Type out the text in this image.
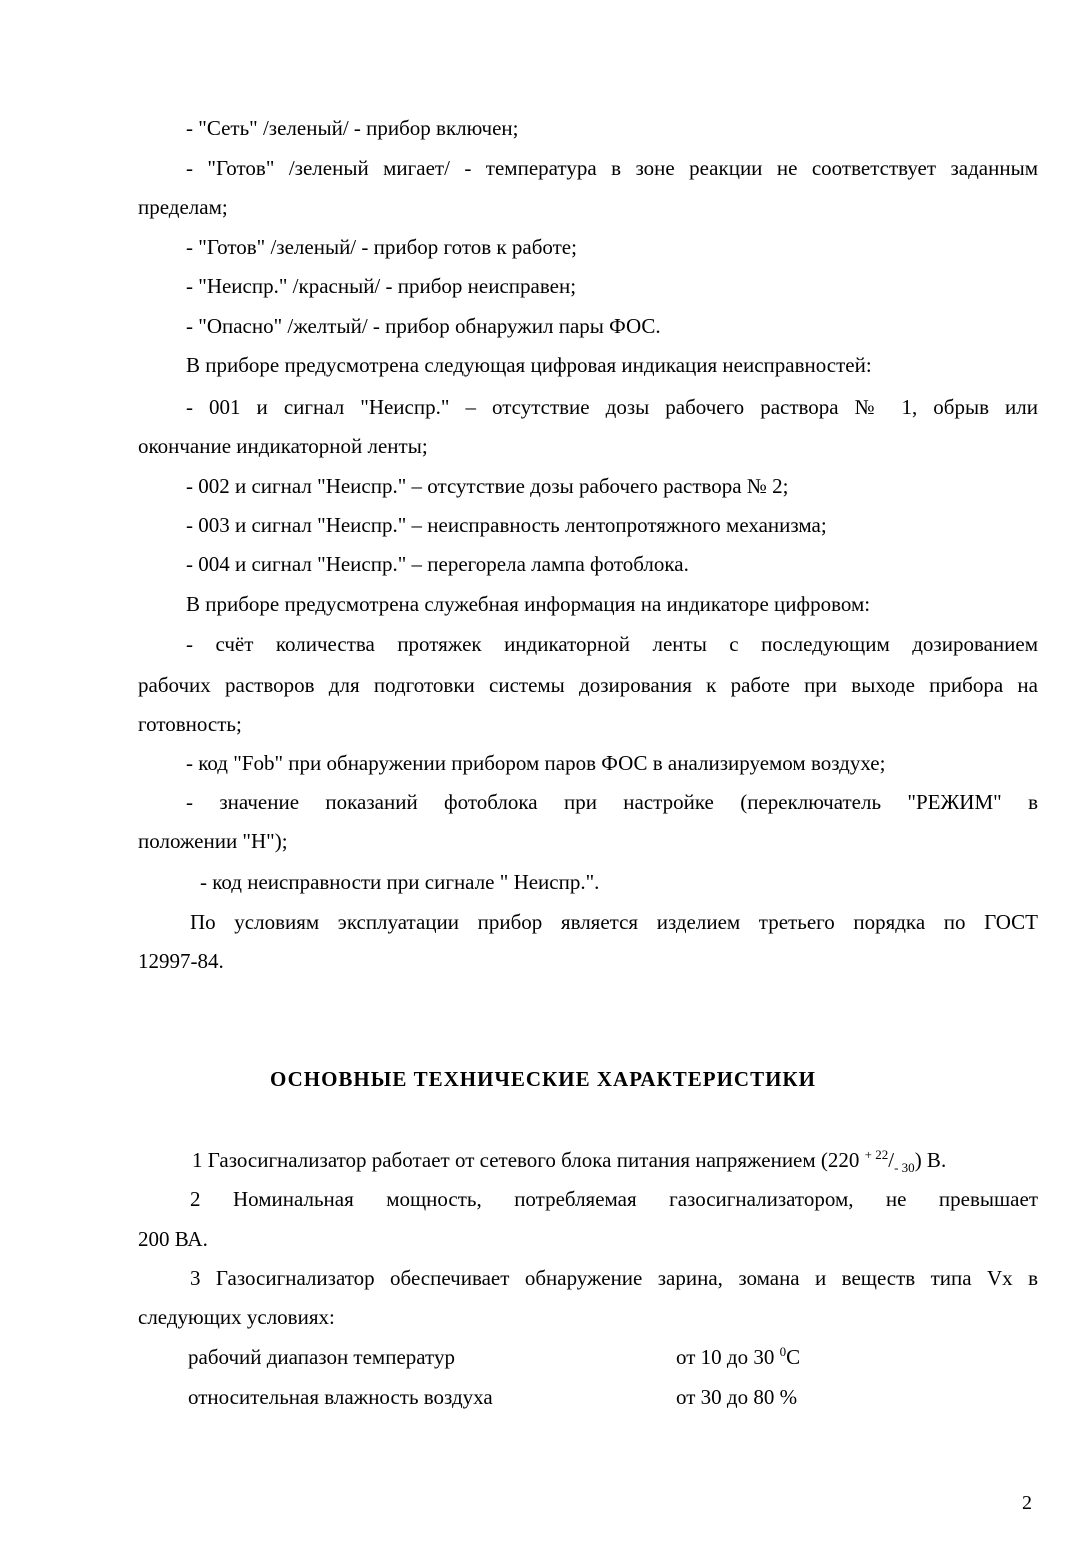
- "Сеть" /зеленый/ - прибор включен;
- "Готов" /зеленый мигает/ - температура в зоне реакции не соответствует заданным
пределам;
- "Готов" /зеленый/ - прибор готов к работе;
- "Неиспр." /красный/ - прибор неисправен;
- "Опасно" /желтый/ - прибор обнаружил пары ФОС.
В приборе предусмотрена следующая цифровая индикация неисправностей:
- 001 и сигнал "Неиспр." – отсутствие дозы рабочего раствора № 1, обрыв или
окончание индикаторной ленты;
- 002 и сигнал "Неиспр." – отсутствие дозы рабочего раствора № 2;
- 003 и сигнал "Неиспр." – неисправность лентопротяжного механизма;
- 004 и сигнал "Неиспр." – перегорела лампа фотоблока.
В приборе предусмотрена служебная информация на индикаторе цифровом:
- счёт количества протяжек индикаторной ленты с последующим дозированием
рабочих растворов для подготовки системы дозирования к работе при выходе прибора на
готовность;
- код "Fob" при обнаружении прибором паров ФОС в анализируемом воздухе;
- значение показаний фотоблока при настройке (переключатель "РЕЖИМ" в
положении "Н");
- код неисправности при сигнале " Неиспр.".
По условиям эксплуатации прибор является изделием третьего порядка по ГОСТ
12997-84.
ОСНОВНЫЕ ТЕХНИЧЕСКИЕ ХАРАКТЕРИСТИКИ
1 Газосигнализатор работает от сетевого блока питания напряжением (220 $^{+ 22}/_{- 30}$) В.
2 Номинальная мощность, потребляемая газосигнализатором, не превышает
200 ВА.
3 Газосигнализатор обеспечивает обнаружение зарина, зомана и веществ типа Vx в
следующих условиях:
рабочий диапазон температур	от 10 до 30 $^0$С
относительная влажность воздуха	от 30 до 80 %
2
